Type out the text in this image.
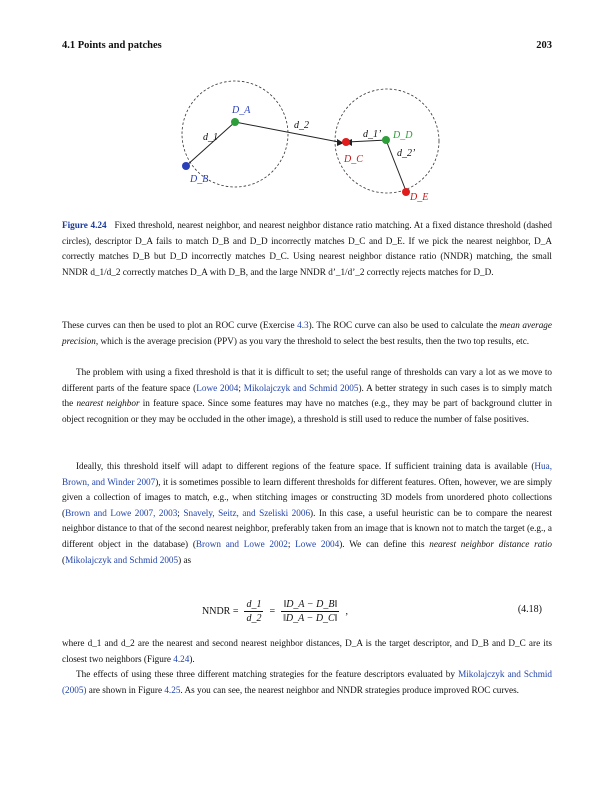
4.1 Points and patches	203
D_A
D_B
D_D
D_C
D_E
d_1
d_2
d_1’
d_2’

Figure 4.24 Fixed threshold, nearest neighbor, and nearest neighbor distance ratio matching. At a fixed distance threshold (dashed circles), descriptor D_A fails to match D_B and D_D incorrectly matches D_C and D_E. If we pick the nearest neighbor, D_A correctly matches D_B but D_D incorrectly matches D_C. Using nearest neighbor distance ratio (NNDR) matching, the small NNDR d_1/d_2 correctly matches D_A with D_B, and the large NNDR d’_1/d’_2 correctly rejects matches for D_D.

These curves can then be used to plot an ROC curve (Exercise 4.3). The ROC curve can also be used to calculate the mean average precision, which is the average precision (PPV) as you vary the threshold to select the best results, then the two top results, etc.

The problem with using a fixed threshold is that it is difficult to set; the useful range of thresholds can vary a lot as we move to different parts of the feature space (Lowe 2004; Mikolajczyk and Schmid 2005). A better strategy in such cases is to simply match the nearest neighbor in feature space. Since some features may have no matches (e.g., they may be part of background clutter in object recognition or they may be occluded in the other image), a threshold is still used to reduce the number of false positives.

Ideally, this threshold itself will adapt to different regions of the feature space. If sufficient training data is available (Hua, Brown, and Winder 2007), it is sometimes possible to learn different thresholds for different features. Often, however, we are simply given a collection of images to match, e.g., when stitching images or constructing 3D models from unordered photo collections (Brown and Lowe 2007, 2003; Snavely, Seitz, and Szeliski 2006). In this case, a useful heuristic can be to compare the nearest neighbor distance to that of the second nearest neighbor, preferably taken from an image that is known not to match the target (e.g., a different object in the database) (Brown and Lowe 2002; Lowe 2004). We can define this nearest neighbor distance ratio (Mikolajczyk and Schmid 2005) as

NNDR = $\frac{d\_1}{d\_2} = \frac{‖D\_A - D\_B‖}{‖D\_A - D\_C‖}$ ,	(4.18)

where d_1 and d_2 are the nearest and second nearest neighbor distances, D_A is the target descriptor, and D_B and D_C are its closest two neighbors (Figure 4.24).

The effects of using these three different matching strategies for the feature descriptors evaluated by Mikolajczyk and Schmid (2005) are shown in Figure 4.25. As you can see, the nearest neighbor and NNDR strategies produce improved ROC curves.
